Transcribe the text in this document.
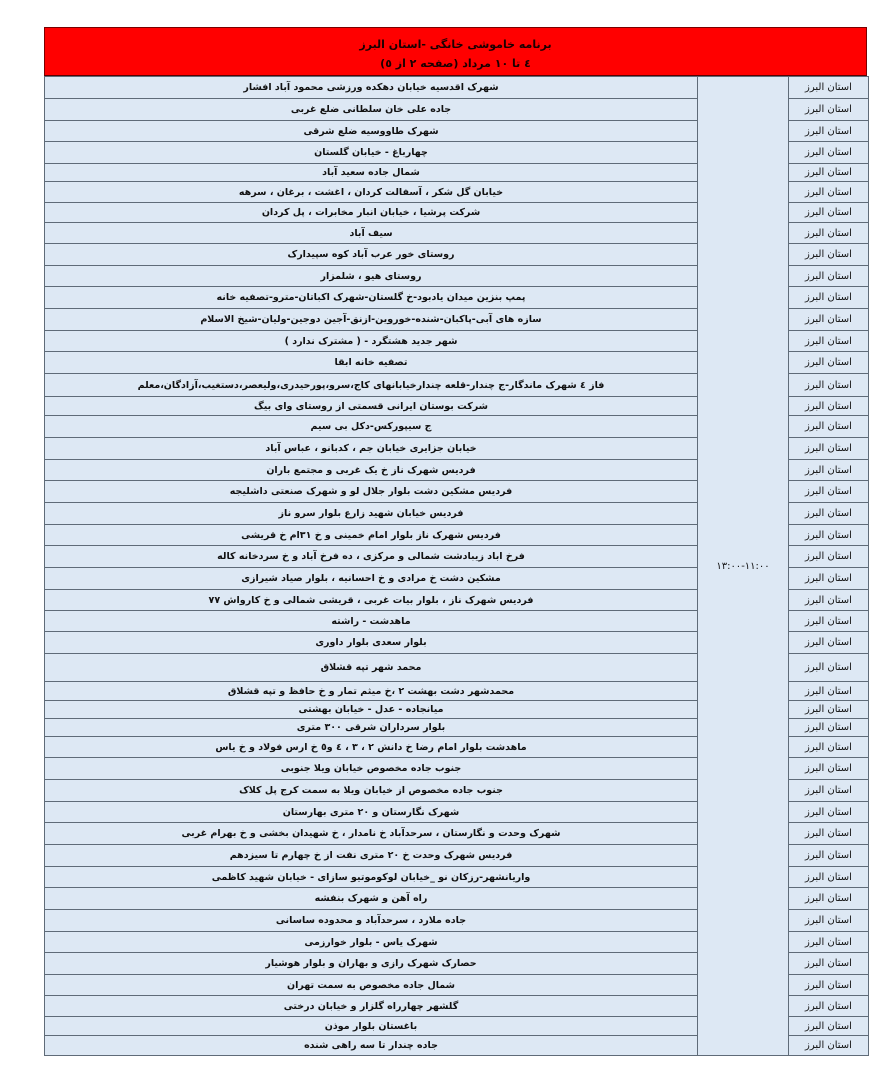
برنامه خاموشی خانگی -استان البرز
٤ تا ١٠ مرداد (صفحه ٢ از ٥)
شهرک اقدسیه خیابان دهکده ورزشی محمود آباد افشار	١١:٠٠-١٣:٠٠	استان البرز
جاده علی خان سلطانی ضلع غربی		استان البرز
شهرک طاووسیه ضلع شرقی		استان البرز
چهارباغ - خیابان گلستان		استان البرز
شمال جاده سعید آباد		استان البرز
خیابان گل شکر ، آسفالت کردان ، اغشت ، برغان ، سرهه		استان البرز
شرکت پرشیا ، خیابان انبار مخابرات ، پل کردان		استان البرز
سیف آباد		استان البرز
روستای خور عرب آباد کوه سپیدارک		استان البرز
روستای هیو ، شلمزار		استان البرز
پمپ بنزین میدان یادبود-خ گلستان-شهرک اکباتان-مترو-تصفیه خانه		استان البرز
سازه های آبی-پاکبان-شنده-خوروین-ازنق-آجین دوجین-ولیان-شیخ الاسلام		استان البرز
شهر جدید هشتگرد - ( مشترک ندارد )		استان البرز
تصفیه خانه ابقا		استان البرز
فاز ٤ شهرک ماندگار-ج چندار-قلعه چندارخیابانهای کاج،سرو،پورحیدری،ولیعصر،دستغیب،آزادگان،معلم		استان البرز
شرکت بوستان ایرانی قسمتی از روستای وای بیگ		استان البرز
ج سیپورکس-دکل بی سیم		استان البرز
خیابان جزایری خیابان جم ، کدبانو ، عباس آباد		استان البرز
فردیس شهرک ناز خ یک غربی و مجتمع باران		استان البرز
فردیس مشکین دشت بلوار جلال لو و شهرک صنعتی داشلیجه		استان البرز
فردیس خیابان شهید زارع بلوار سرو ناز		استان البرز
فردیس شهرک ناز بلوار امام خمینی و خ ٣١ام خ قریشی		استان البرز
فرخ اباد زیبادشت شمالی و مرکزی ، ده فرخ آباد و خ سردخانه کاله		استان البرز
مشکین دشت خ مرادی و خ احسانیه ، بلوار صیاد شیرازی		استان البرز
فردیس شهرک ناز ، بلوار بیات غربی ، قریشی شمالی و خ کارواش ٧٧		استان البرز
ماهدشت - راشته		استان البرز
بلوار سعدی بلوار داوری		استان البرز
محمد شهر تپه قشلاق		استان البرز
محمدشهر دشت بهشت ٢ ،خ میثم تمار و خ حافظ و تپه قشلاق		استان البرز
میانجاده - عدل - خیابان بهشتی		استان البرز
بلوار سرداران شرقی ٣٠٠ متری		استان البرز
ماهدشت بلوار امام رضا خ دانش ٢ ، ٣ ، ٤ و٥ خ ارس فولاد و خ یاس		استان البرز
جنوب جاده مخصوص خیابان ویلا جنوبی		استان البرز
جنوب جاده مخصوص از خیابان ویلا به سمت کرج پل کلاک		استان البرز
شهرک نگارستان و ٢٠ متری بهارستان		استان البرز
شهرک وحدت و نگارستان ، سرحدآباد خ نامدار ، خ شهیدان بخشی و خ بهرام غربی		استان البرز
فردیس شهرک وحدت خ ٢٠ متری نفت از خ چهارم تا سیزدهم		استان البرز
واریانشهر-رزکان نو _خیابان لوکوموتیو سازای - خیابان شهید کاظمی		استان البرز
راه آهن و شهرک بنفشه		استان البرز
جاده ملارد ، سرحدآباد و محدوده ساسانی		استان البرز
شهرک یاس - بلوار خوارزمی		استان البرز
حصارک شهرک رازی و بهاران و بلوار هوشیار		استان البرز
شمال جاده مخصوص به سمت تهران		استان البرز
گلشهر چهارراه گلزار و خیابان درختی		استان البرز
باغستان بلوار موذن		استان البرز
جاده چندار تا سه راهی شنده		استان البرز
